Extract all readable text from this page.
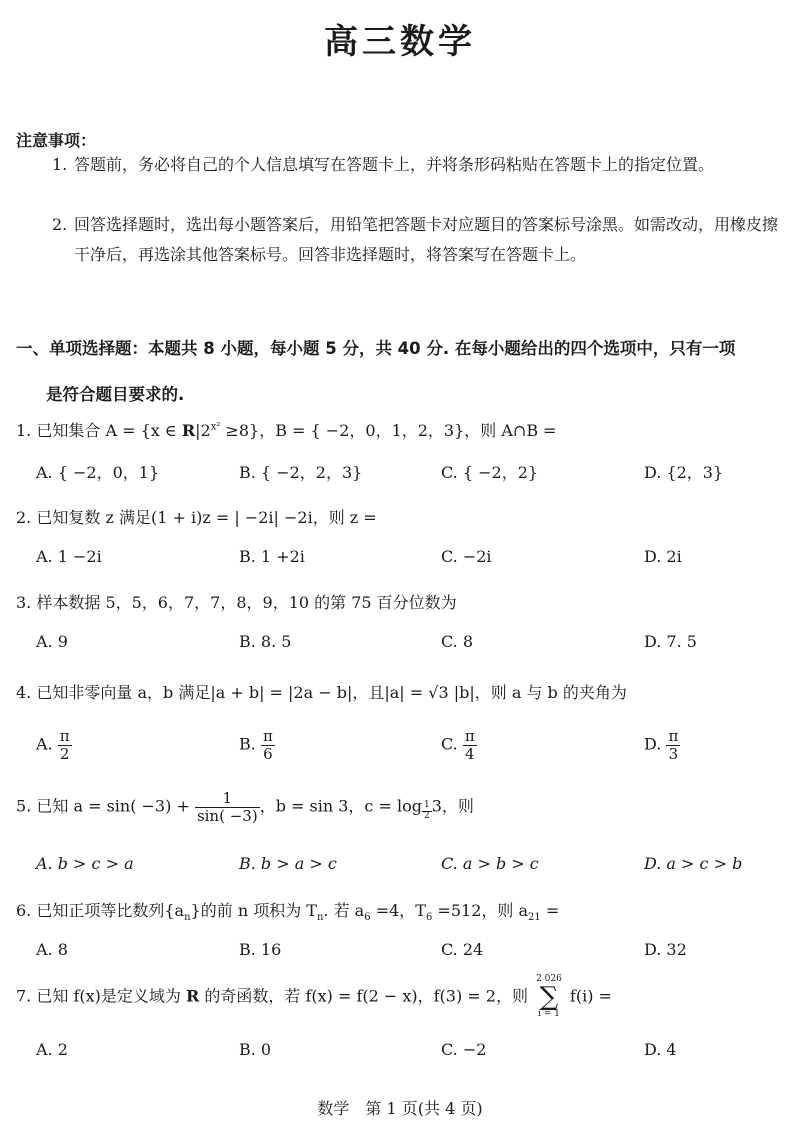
高三数学
注意事项：
1. 答题前，务必将自己的个人信息填写在答题卡上，并将条形码粘贴在答题卡上的指定位置。
2. 回答选择题时，选出每小题答案后，用铅笔把答题卡对应题目的答案标号涂黑。如需改动，用橡皮擦干净后，再选涂其他答案标号。回答非选择题时，将答案写在答题卡上。
一、单项选择题：本题共 8 小题，每小题 5 分，共 40 分. 在每小题给出的四个选项中，只有一项
是符合题目要求的.
1. 已知集合 A = {x ∈ $R|2^{x^2} \ge 8$}，B = { −2，0，1，2，3}，则 A∩B =
A. { −2，0，1}	B. { −2，2，3}	C. { −2，2}	D. {2，3}
2. 已知复数 z 满足(1 + i)z = | −2i| −2i，则 z =
A. 1 −2i	B. 1 +2i	C. −2i	D. 2i
3. 样本数据 5，5，6，7，7，8，9，10 的第 75 百分位数为
A. 9	B. 8. 5	C. 8	D. 7. 5
4. 已知非零向量 a，b 满足|a + b| = |2a − b|，且|a| = √3 |b|，则 a 与 b 的夹角为
A. $\frac{\pi}{2}$	B. $\frac{\pi}{6}$	C. $\frac{\pi}{4}$	D. $\frac{\pi}{3}$
5. 已知 $a = \sin( -3) + \frac{1}{\sin( -3)}$ ，b = sin 3，$c = \log \frac{1}{2} 3$，则
A. b > c > a	B. b > a > c	C. a > b > c	D. a > c > b
6. 已知正项等比数列$\{a_n\}$的前 n 项积为 $T_n$. 若 $a_6 =4$，$T_6 =512$，则 $a_{21}$ =
A. 8	B. 16	C. 24	D. 32
7. 已知 f(x)是定义域为 R 的奇函数，若 f(x) = f(2 − x)，f(3) = 2，则
2 026
∑
i = 1
f(i) =
A. 2	B. 0	C. −2	D. 4
数学　第 1 页(共 4 页)
